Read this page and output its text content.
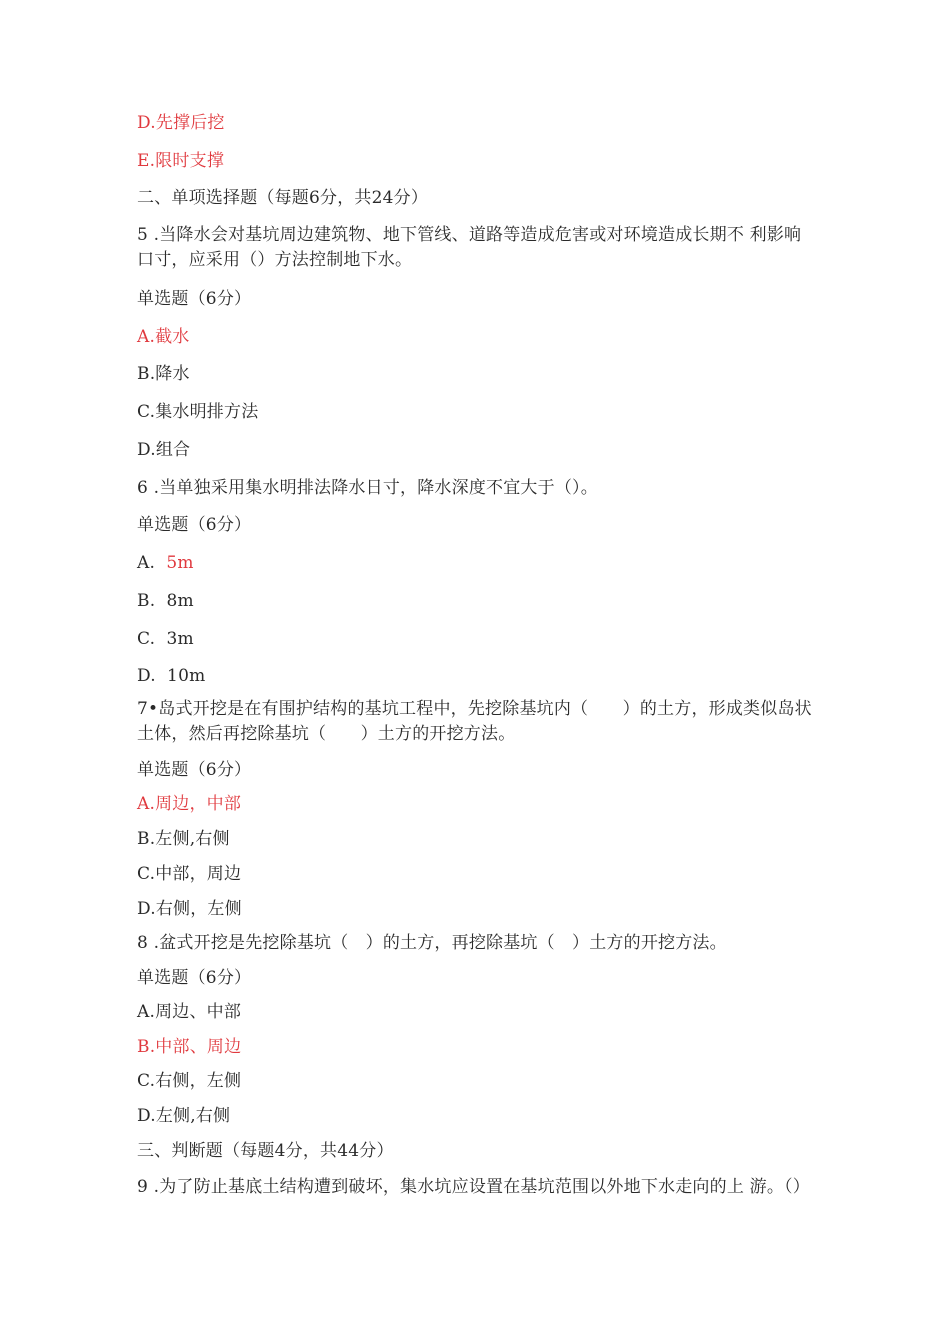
D.先撑后挖
E.限时支撑
二、单项选择题（每题6分，共24分）
5 .当降水会对基坑周边建筑物、地下管线、道路等造成危害或对环境造成长期不 利影响口寸，应采用（）方法控制地下水。
单选题（6分）
A.截水
B.降水
C.集水明排方法
D.组合
6 .当单独采用集水明排法降水日寸，降水深度不宜大于（）。
单选题（6分）
A. 5m
B. 8m
C. 3m
D. 10m
7•岛式开挖是在有围护结构的基坑工程中，先挖除基坑内（　　）的土方，形成类似岛状土体，然后再挖除基坑（　　）土方的开挖方法。
单选题（6分）
A.周边，中部
B.左侧,右侧
C.中部，周边
D.右侧，左侧
8 .盆式开挖是先挖除基坑（　）的土方，再挖除基坑（　）土方的开挖方法。
单选题（6分）
A.周边、中部
B.中部、周边
C.右侧，左侧
D.左侧,右侧
三、判断题（每题4分，共44分）
9 .为了防止基底土结构遭到破坏，集水坑应设置在基坑范围以外地下水走向的上 游。（）
